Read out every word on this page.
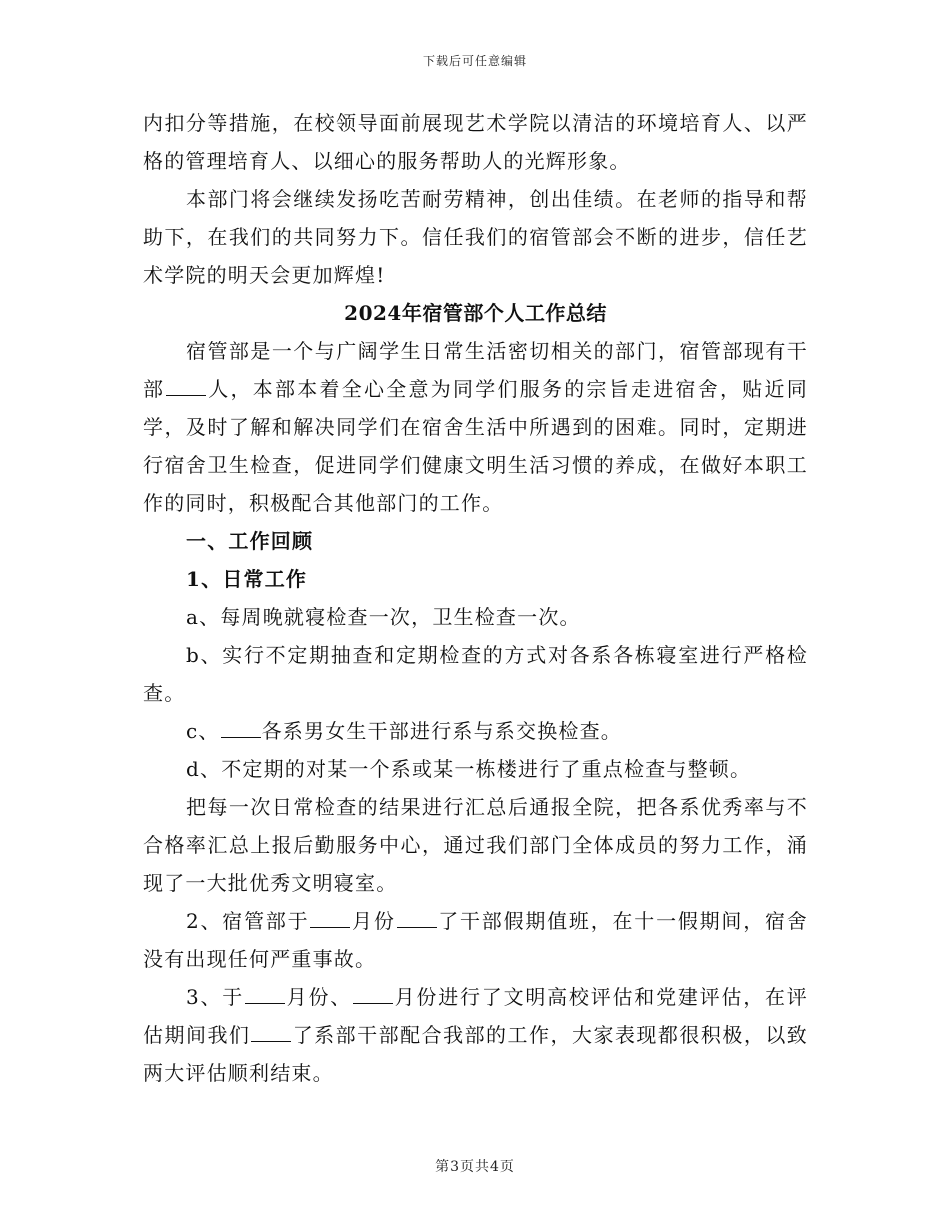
下载后可任意编辑

内扣分等措施，在校领导面前展现艺术学院以清洁的环境培育人、以严格的管理培育人、以细心的服务帮助人的光辉形象。

本部门将会继续发扬吃苦耐劳精神，创出佳绩。在老师的指导和帮助下，在我们的共同努力下。信任我们的宿管部会不断的进步，信任艺术学院的明天会更加辉煌!

2024年宿管部个人工作总结

宿管部是一个与广阔学生日常生活密切相关的部门，宿管部现有干部 人，本部本着全心全意为同学们服务的宗旨走进宿舍，贴近同学，及时了解和解决同学们在宿舍生活中所遇到的困难。同时，定期进行宿舍卫生检查，促进同学们健康文明生活习惯的养成，在做好本职工作的同时，积极配合其他部门的工作。

一、工作回顾

1、日常工作

a、每周晚就寝检查一次，卫生检查一次。

b、实行不定期抽查和定期检查的方式对各系各栋寝室进行严格检查。

c、 各系男女生干部进行系与系交换检查。

d、不定期的对某一个系或某一栋楼进行了重点检查与整顿。

把每一次日常检查的结果进行汇总后通报全院，把各系优秀率与不合格率汇总上报后勤服务中心，通过我们部门全体成员的努力工作，涌现了一大批优秀文明寝室。

2、宿管部于 月份 了干部假期值班，在十一假期间，宿舍没有出现任何严重事故。

3、于 月份、 月份进行了文明高校评估和党建评估，在评估期间我们 了系部干部配合我部的工作，大家表现都很积极，以致两大评估顺利结束。

第3页共4页
